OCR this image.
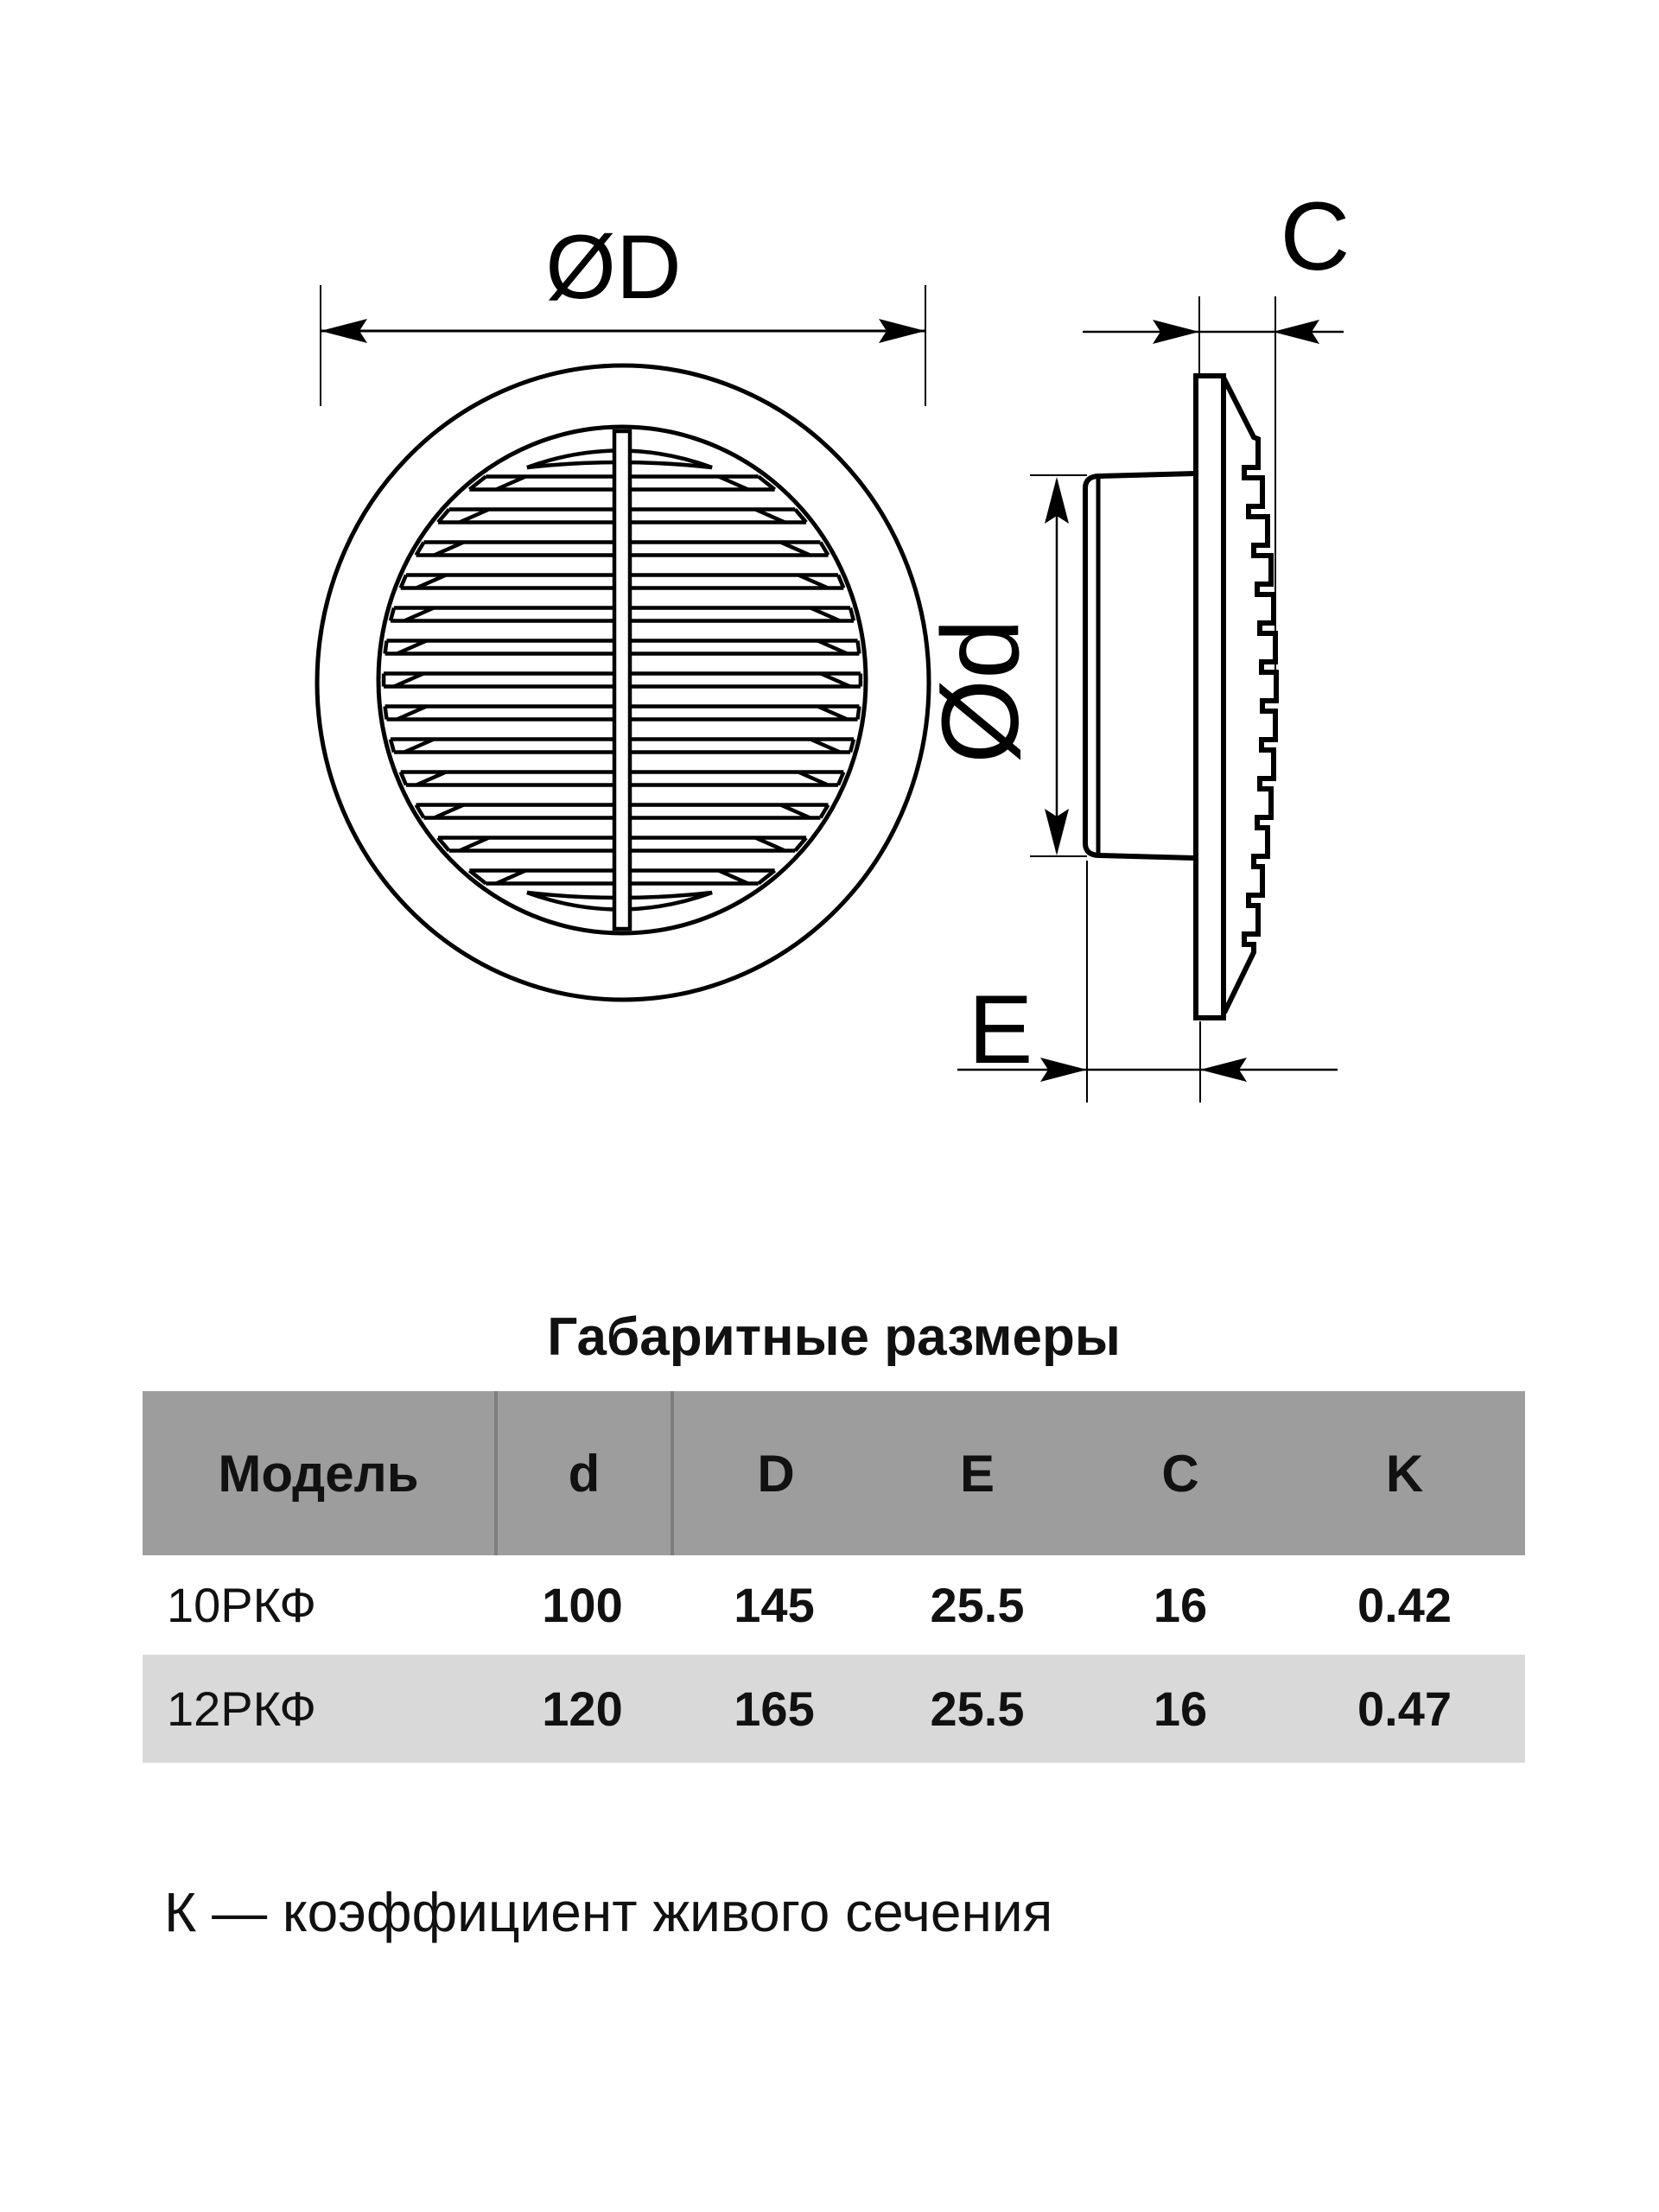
ØD	C
Ød
E
Габаритные размеры
Модель	d	D	E	C	K
10РКФ	100	145	25.5	16	0.42
12РКФ	120	165	25.5	16	0.47
К — коэффициент живого сечения
